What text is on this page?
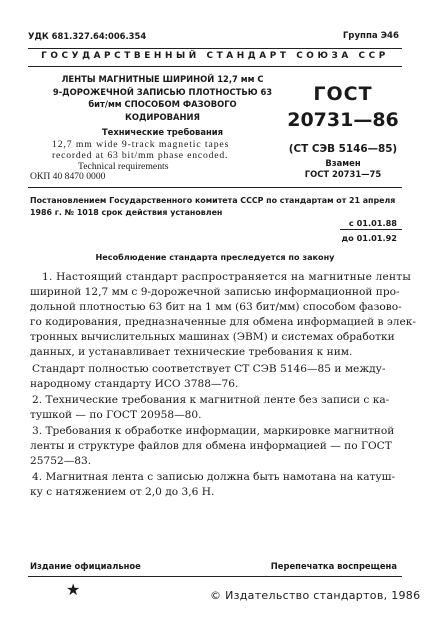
УДК 681.327.64:006.354	Группа Э46
ГОСУДАРСТВЕННЫЙ СТАНДАРТ СОЮЗА ССР
ЛЕНТЫ МАГНИТНЫЕ ШИРИНОЙ 12,7 мм С
9-ДОРОЖЕЧНОЙ ЗАПИСЬЮ ПЛОТНОСТЬЮ 63
бит/мм СПОСОБОМ ФАЗОВОГО
КОДИРОВАНИЯ
Технические требования
12,7 mm wide 9-track magnetic tapes
recorded at 63 bit/mm phase encoded.
Technical requirements
ОКП 40 8470 0000
ГОСТ
20731—86
(СТ СЭВ 5146—85)
Взамен
ГОСТ 20731—75
Постановлением Государственного комитета СССР по стандартам от 21 апреля
1986 г. № 1018 срок действия установлен
с 01.01.88
до 01.01.92
Несоблюдение стандарта преследуется по закону
1. Настоящий стандарт распространяется на магнитные ленты
шириной 12,7 мм с 9-дорожечной записью информационной про-
дольной плотностью 63 бит на 1 мм (63 бит/мм) способом фазово-
го кодирования, предназначенные для обмена информацией в элек-
тронных вычислительных машинах (ЭВМ) и системах обработки
данных, и устанавливает технические требования к ним.
Стандарт полностью соответствует СТ СЭВ 5146—85 и между-
народному стандарту ИСО 3788—76.
2. Технические требования к магнитной ленте без записи с ка-
тушкой — по ГОСТ 20958—80.
3. Требования к обработке информации, маркировке магнитной
ленты и структуре файлов для обмена информацией — по ГОСТ
25752—83.
4. Магнитная лента с записью должна быть намотана на катуш-
ку с натяжением от 2,0 до 3,6 Н.
Издание официальное	Перепечатка воспрещена
★	© Издательство стандартов, 1986
